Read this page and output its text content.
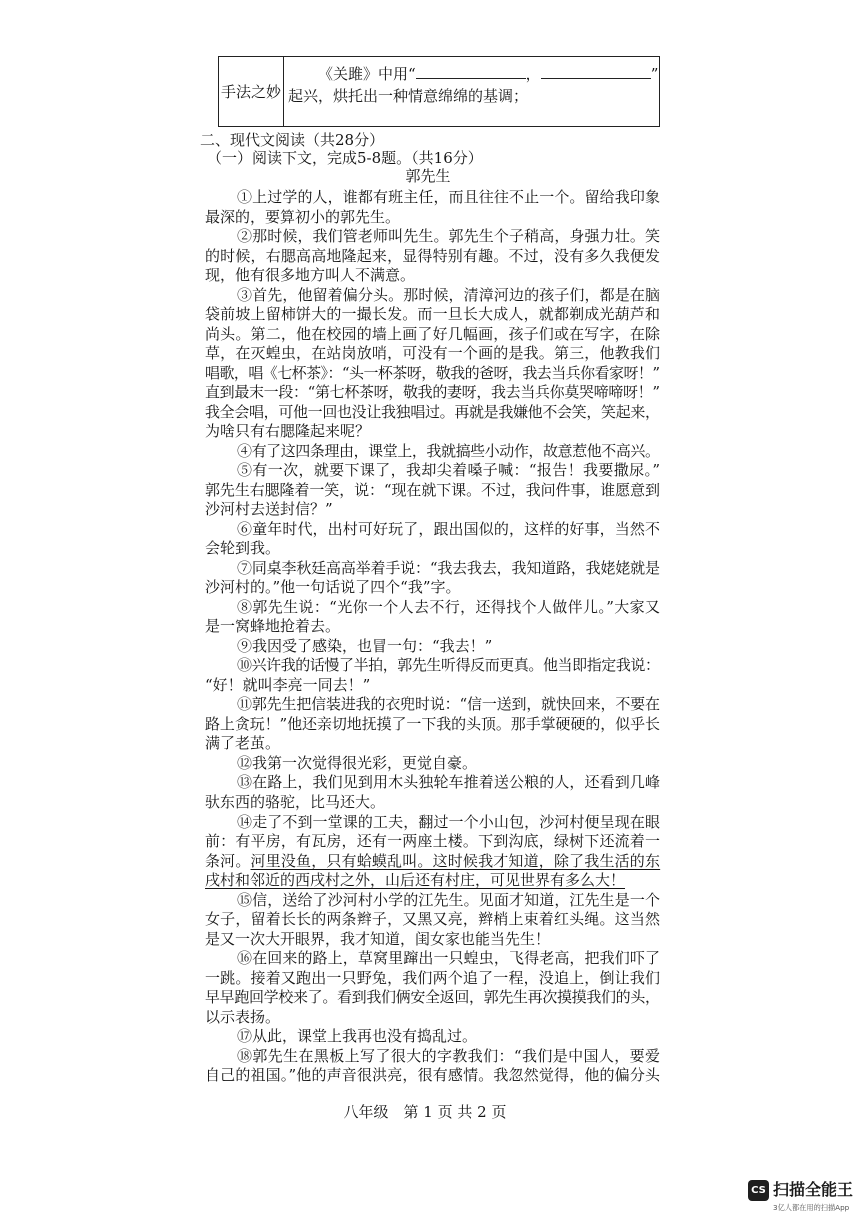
手法之妙
《关雎》中用“	，	”
起兴，烘托出一种情意绵绵的基调；
二、现代文阅读（共28分）
（一）阅读下文，完成5-8题。（共16分）
郭先生
①上过学的人，谁都有班主任，而且往往不止一个。留给我印象
最深的，要算初小的郭先生。
②那时候，我们管老师叫先生。郭先生个子稍高，身强力壮。笑
的时候，右腮高高地隆起来，显得特别有趣。不过，没有多久我便发
现，他有很多地方叫人不满意。
③首先，他留着偏分头。那时候，清漳河边的孩子们，都是在脑
袋前坡上留柿饼大的一撮长发。而一旦长大成人，就都剃成光葫芦和
尚头。第二，他在校园的墙上画了好几幅画，孩子们或在写字，在除
草，在灭蝗虫，在站岗放哨，可没有一个画的是我。第三，他教我们
唱歌，唱《七杯茶》：“头一杯茶呀，敬我的爸呀，我去当兵你看家呀！”
直到最末一段：“第七杯茶呀，敬我的妻呀，我去当兵你莫哭啼啼呀！”
我全会唱，可他一回也没让我独唱过。再就是我嫌他不会笑，笑起来，
为啥只有右腮隆起来呢？
④有了这四条理由，课堂上，我就搞些小动作，故意惹他不高兴。
⑤有一次，就要下课了，我却尖着嗓子喊：“报告！我要撒尿。”
郭先生右腮隆着一笑，说：“现在就下课。不过，我问件事，谁愿意到
沙河村去送封信？”
⑥童年时代，出村可好玩了，跟出国似的，这样的好事，当然不
会轮到我。
⑦同桌李秋廷高高举着手说：“我去我去，我知道路，我姥姥就是
沙河村的。”他一句话说了四个“我”字。
⑧郭先生说：“光你一个人去不行，还得找个人做伴儿。”大家又
是一窝蜂地抢着去。
⑨我因受了感染，也冒一句：“我去！”
⑩兴许我的话慢了半拍，郭先生听得反而更真。他当即指定我说：
“好！就叫李亮一同去！”
⑪郭先生把信装进我的衣兜时说：“信一送到，就快回来，不要在
路上贪玩！”他还亲切地抚摸了一下我的头顶。那手掌硬硬的，似乎长
满了老茧。
⑫我第一次觉得很光彩，更觉自豪。
⑬在路上，我们见到用木头独轮车推着送公粮的人，还看到几峰
驮东西的骆驼，比马还大。
⑭走了不到一堂课的工夫，翻过一个小山包，沙河村便呈现在眼
前：有平房，有瓦房，还有一两座土楼。下到沟底，绿树下还流着一
条河。河里没鱼，只有蛤蟆乱叫。这时候我才知道，除了我生活的东
戌村和邻近的西戌村之外，山后还有村庄，可见世界有多么大！
⑮信，送给了沙河村小学的江先生。见面才知道，江先生是一个
女子，留着长长的两条辫子，又黑又亮，辫梢上束着红头绳。这当然
是又一次大开眼界，我才知道，闺女家也能当先生！
⑯在回来的路上，草窝里蹿出一只蝗虫，飞得老高，把我们吓了
一跳。接着又跑出一只野兔，我们两个追了一程，没追上，倒让我们
早早跑回学校来了。看到我们俩安全返回，郭先生再次摸摸我们的头，
以示表扬。
⑰从此，课堂上我再也没有捣乱过。
⑱郭先生在黑板上写了很大的字教我们：“我们是中国人，要爱
自己的祖国。”他的声音很洪亮，很有感情。我忽然觉得，他的偏分头
八年级　第 1 页 共 2 页
CS 扫描全能王
3亿人都在用的扫描App
